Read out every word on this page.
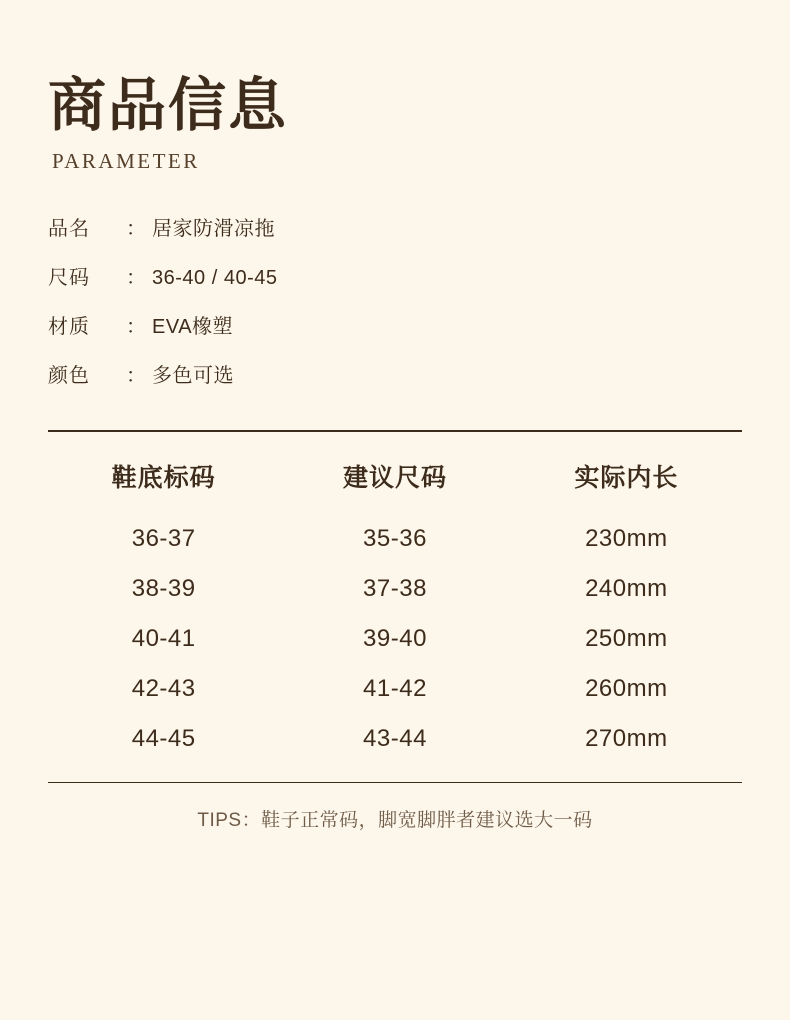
商品信息
PARAMETER
品名	： 居家防滑凉拖
尺码	： 36-40 / 40-45
材质	： EVA橡塑
颜色	： 多色可选
鞋底标码	建议尺码	实际内长
36-37	35-36	230mm
38-39	37-38	240mm
40-41	39-40	250mm
42-43	41-42	260mm
44-45	43-44	270mm
TIPS：鞋子正常码，脚宽脚胖者建议选大一码
